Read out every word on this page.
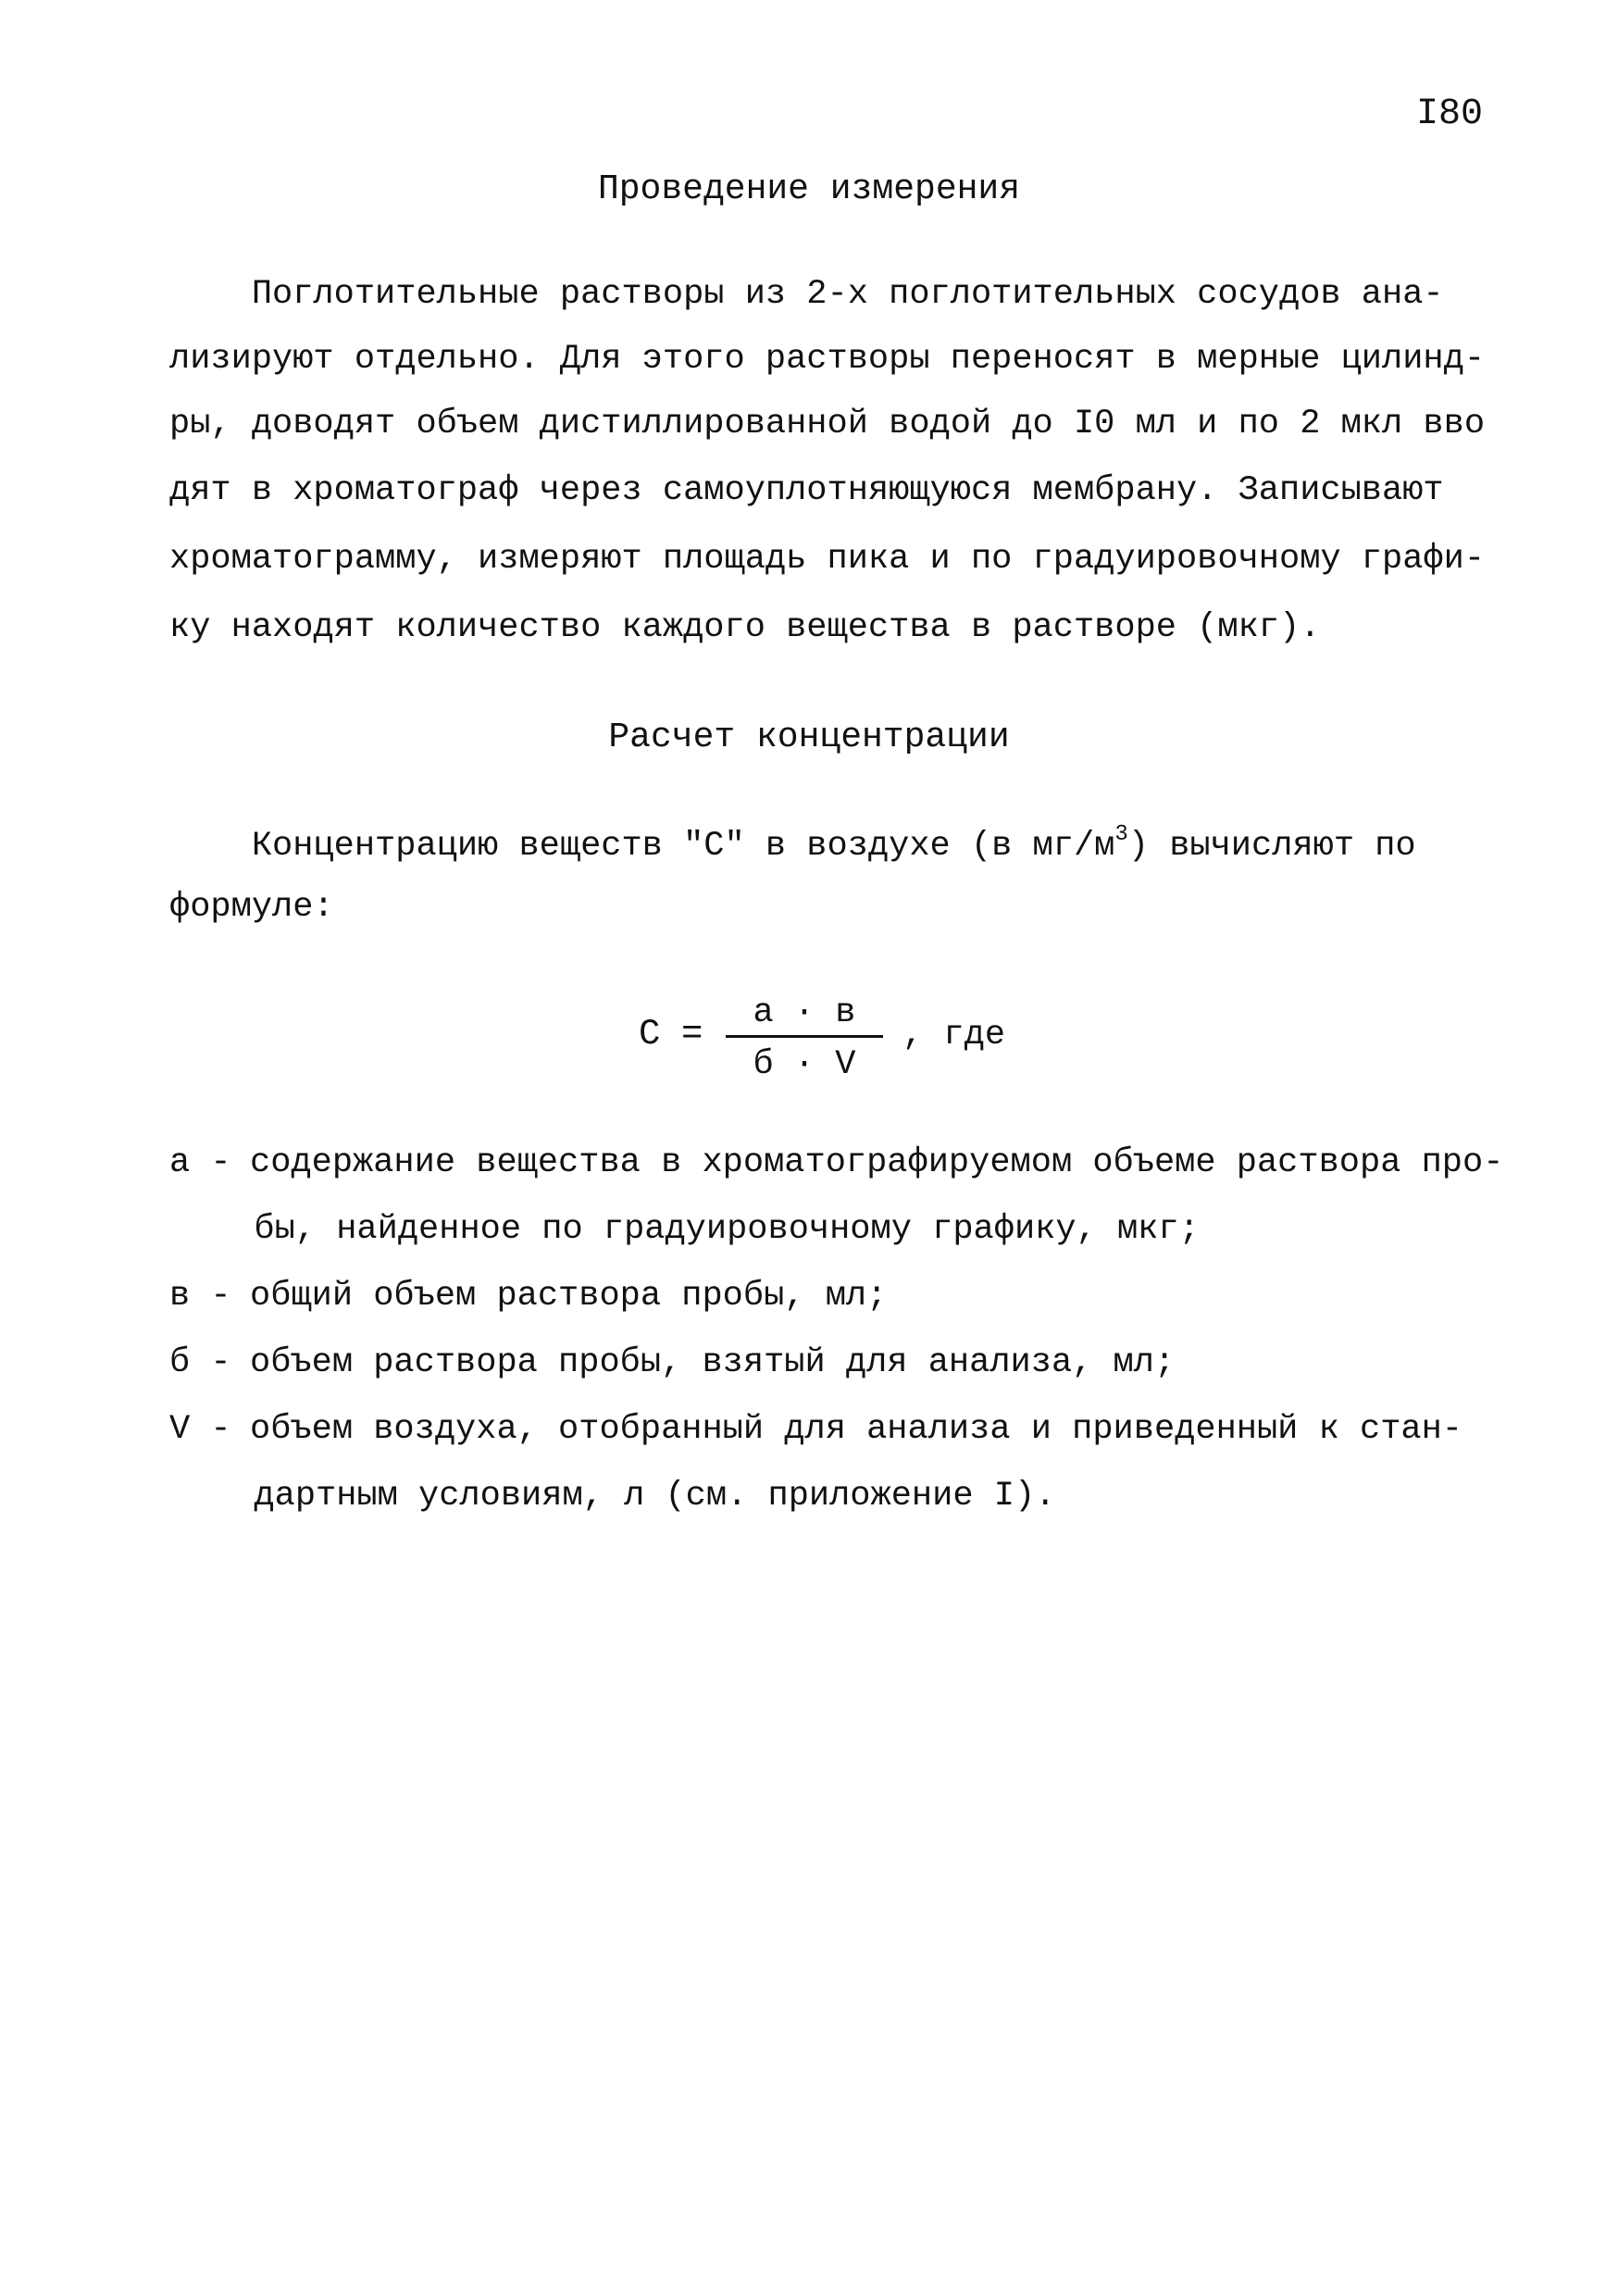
I80
Проведение измерения
Поглотительные растворы из 2-х поглотительных сосудов ана-
лизируют отдельно. Для этого растворы переносят в мерные цилинд-
ры, доводят объем дистиллированной водой до I0 мл и по 2 мкл вво
дят в хроматограф через самоуплотняющуюся мембрану. Записывают
хроматограмму, измеряют площадь пика и по градуировочному графи-
ку находят количество каждого вещества в растворе (мкг).
Расчет концентрации
Концентрацию веществ "С" в воздухе (в $мг/м^3$) вычисляют по
формуле:
С =
а · в
б · V
, где
а - содержание вещества в хроматографируемом объеме раствора про-
бы, найденное по градуировочному графику, мкг;
в - общий объем раствора пробы, мл;
б - объем раствора пробы, взятый для анализа, мл;
V - объем воздуха, отобранный для анализа и приведенный к стан-
дартным условиям, л (см. приложение I).
